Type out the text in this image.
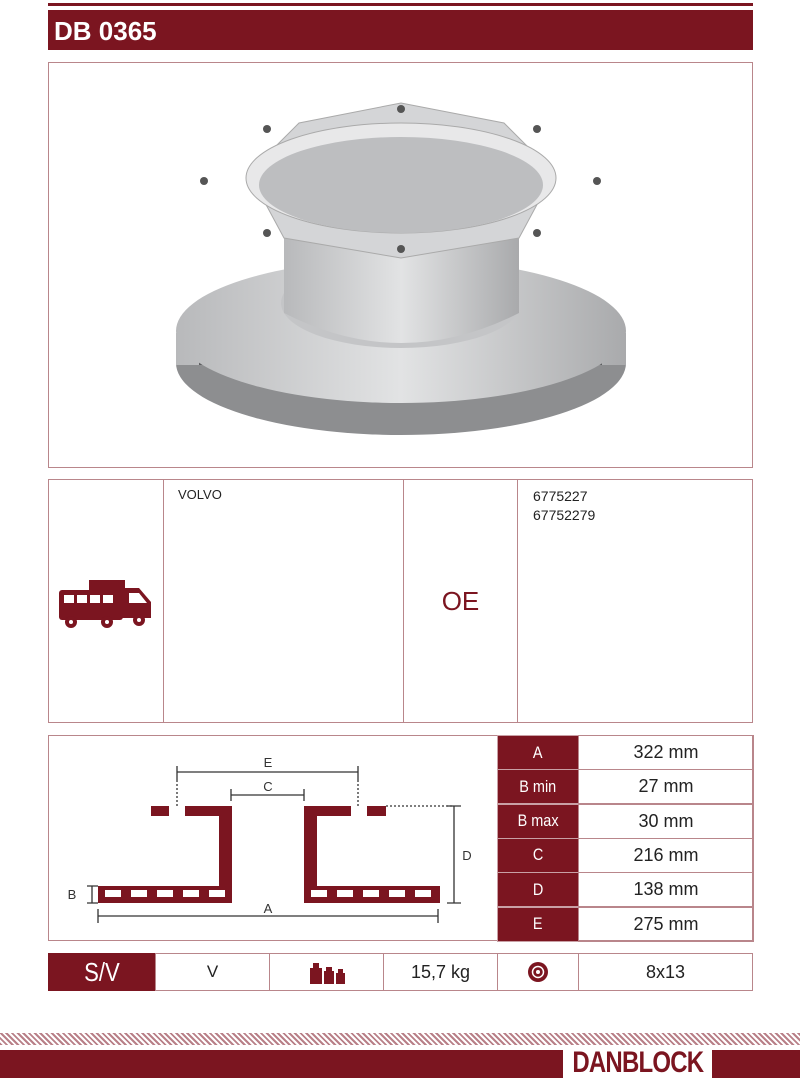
DB 0365
VOLVO
OE
6775227
67752279
E
C
D
A
B
A	322 mm
B min	27 mm
B max	30 mm
C	216 mm
D	138 mm
E	275 mm
S/V	V	15,7 kg	8x13
DANBLOCK
